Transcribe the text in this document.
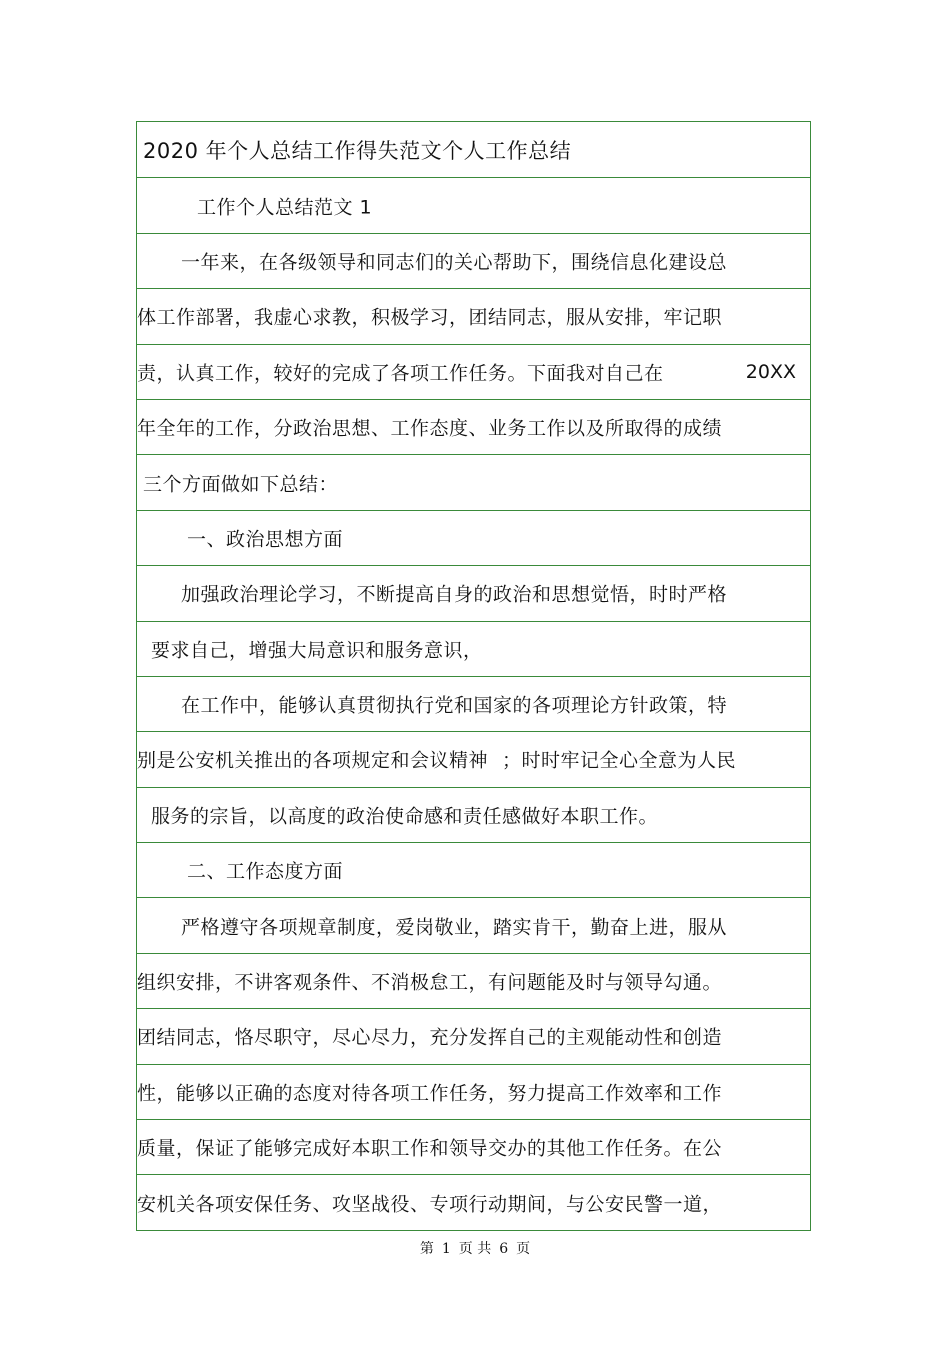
2020 年个人总结工作得失范文个人工作总结
工作个人总结范文 1
一年来，在各级领导和同志们的关心帮助下，围绕信息化建设总
体工作部署，我虚心求教，积极学习，团结同志，服从安排，牢记职
责，认真工作，较好的完成了各项工作任务。下面我对自己在	20XX
年全年的工作，分政治思想、工作态度、业务工作以及所取得的成绩
三个方面做如下总结：
一、政治思想方面
加强政治理论学习，不断提高自身的政治和思想觉悟，时时严格
要求自己，增强大局意识和服务意识，
在工作中，能够认真贯彻执行党和国家的各项理论方针政策，特
别是公安机关推出的各项规定和会议精神 ；时时牢记全心全意为人民
服务的宗旨，以高度的政治使命感和责任感做好本职工作。
二、工作态度方面
严格遵守各项规章制度，爱岗敬业，踏实肯干，勤奋上进，服从
组织安排，不讲客观条件、不消极怠工，有问题能及时与领导勾通。
团结同志，恪尽职守，尽心尽力，充分发挥自己的主观能动性和创造
性，能够以正确的态度对待各项工作任务，努力提高工作效率和工作
质量，保证了能够完成好本职工作和领导交办的其他工作任务。在公
安机关各项安保任务、攻坚战役、专项行动期间，与公安民警一道，
第 1 页 共 6 页
